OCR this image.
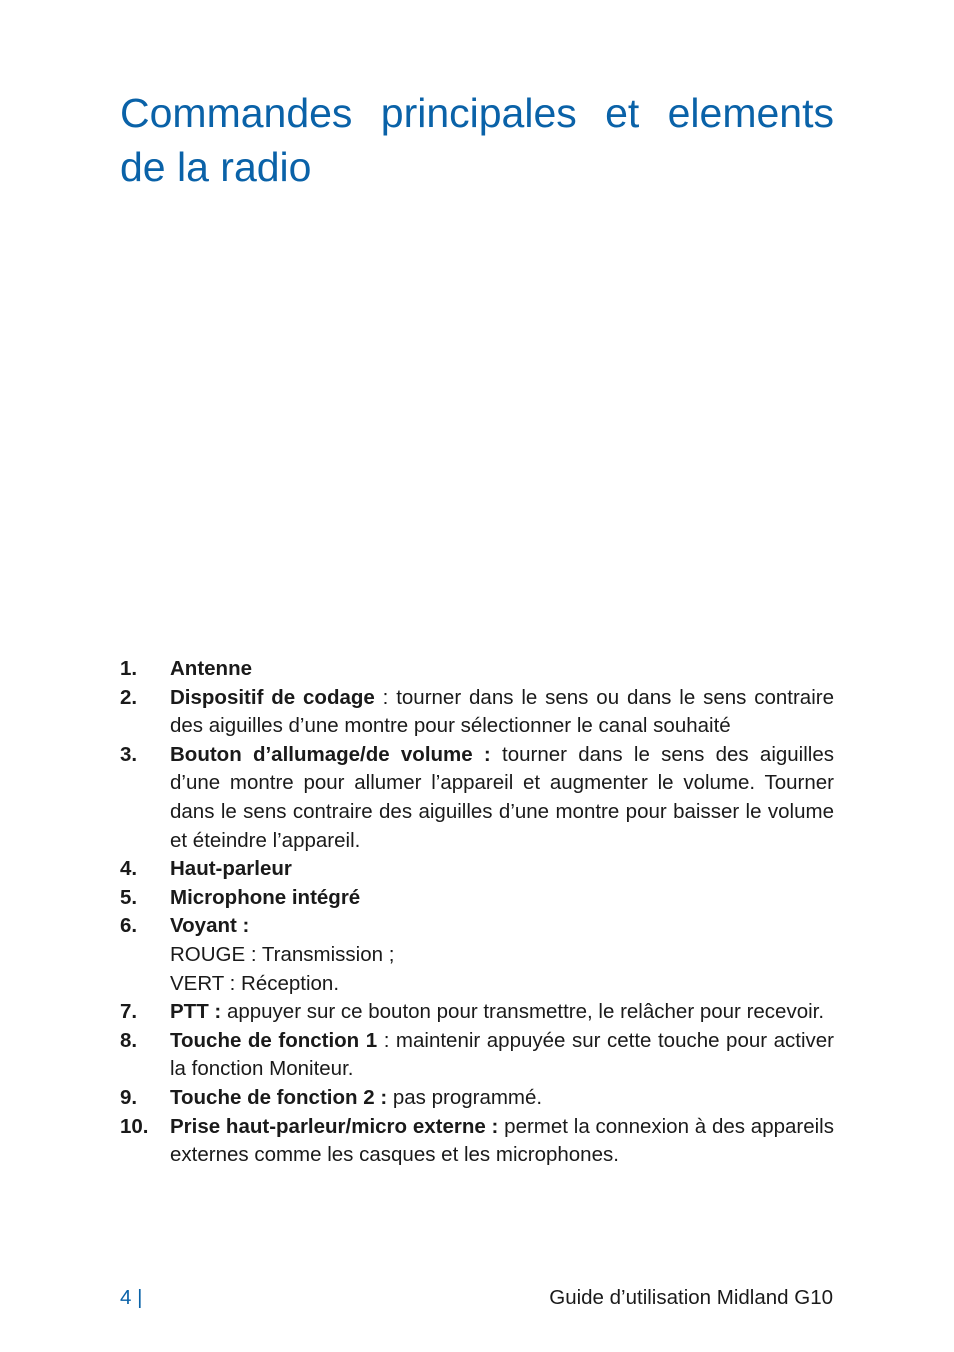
Commandes principales et elements de la radio
1.	Antenne
2.	Dispositif de codage : tourner dans le sens ou dans le sens contraire des aiguilles d’une montre pour sélectionner le canal souhaité
3.	Bouton d’allumage/de volume : tourner dans le sens des aiguilles d’une montre pour allumer l’appareil et augmenter le volume. Tourner dans le sens contraire des aiguilles d’une montre pour baisser le volume et éteindre l’appareil.
4.	Haut-parleur
5.	Microphone intégré
6.	Voyant :
ROUGE : Transmission ;
VERT : Réception.
7.	PTT : appuyer sur ce bouton pour transmettre, le relâcher pour recevoir.
8.	Touche de fonction 1 : maintenir appuyée sur cette touche pour activer la fonction Moniteur.
9.	Touche de fonction 2 : pas programmé.
10.	Prise haut-parleur/micro externe : permet la connexion à des appareils externes comme les casques et les microphones.
4 |	Guide d’utilisation Midland G10
